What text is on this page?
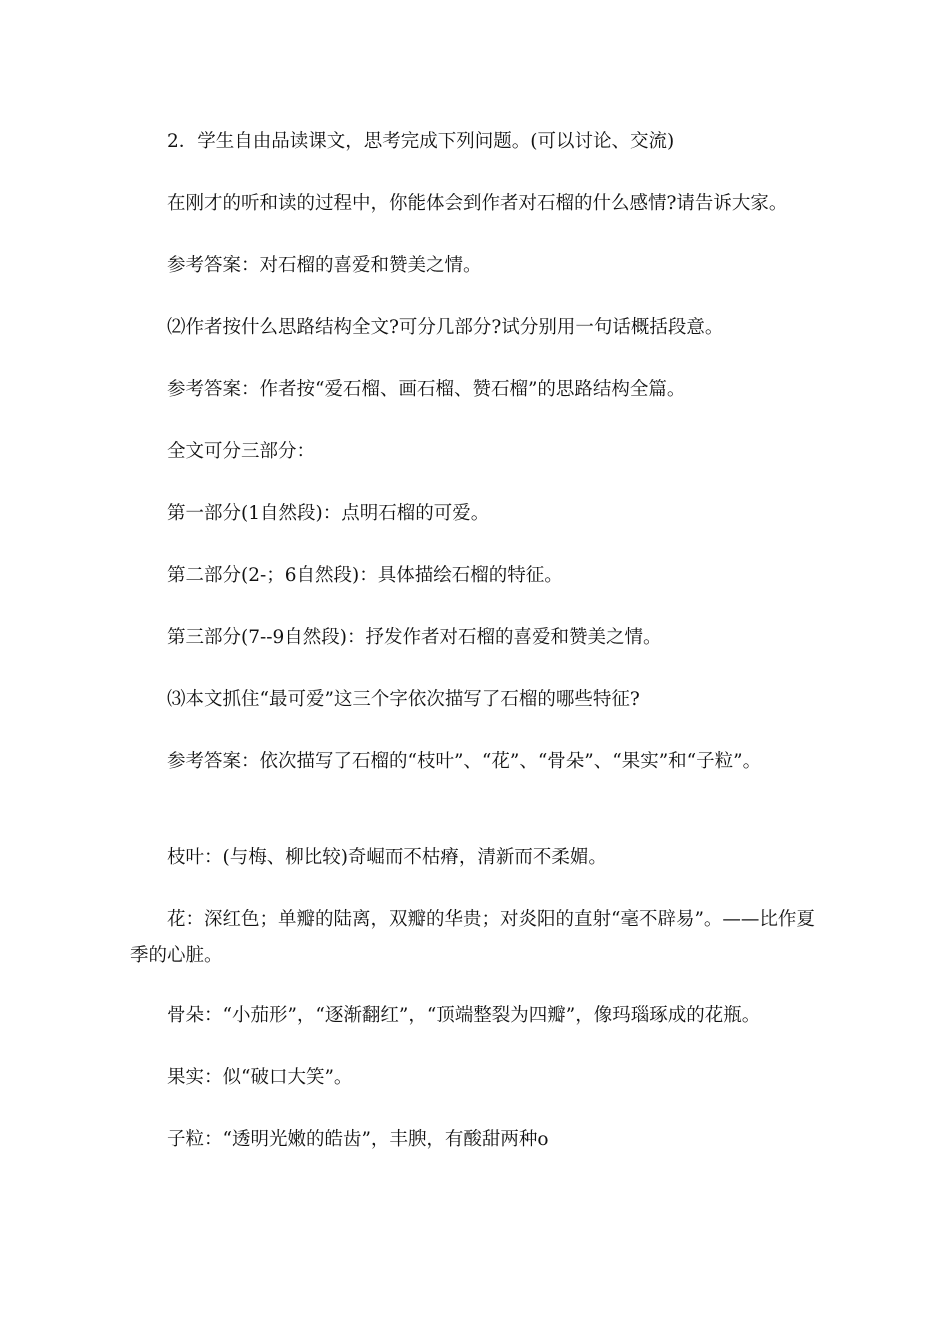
2．学生自由品读课文，思考完成下列问题。(可以讨论、交流)

在刚才的听和读的过程中，你能体会到作者对石榴的什么感情?请告诉大家。

参考答案：对石榴的喜爱和赞美之情。

⑵作者按什么思路结构全文?可分几部分?试分别用一句话概括段意。

参考答案：作者按“爱石榴、画石榴、赞石榴”的思路结构全篇。

全文可分三部分：

第一部分(1自然段)：点明石榴的可爱。

第二部分(2-；6自然段)：具体描绘石榴的特征。

第三部分(7--9自然段)：抒发作者对石榴的喜爱和赞美之情。

⑶本文抓住“最可爱”这三个字依次描写了石榴的哪些特征?

参考答案：依次描写了石榴的“枝叶”、“花”、“骨朵”、“果实”和“子粒”。

枝叶：(与梅、柳比较)奇崛而不枯瘠，清新而不柔媚。

花：深红色；单瓣的陆离，双瓣的华贵；对炎阳的直射“毫不辟易”。——比作夏季的心脏。

骨朵：“小茄形”，“逐渐翻红”，“顶端整裂为四瓣”，像玛瑙琢成的花瓶。

果实：似“破口大笑”。

子粒：“透明光嫩的皓齿”，丰腴，有酸甜两种o
